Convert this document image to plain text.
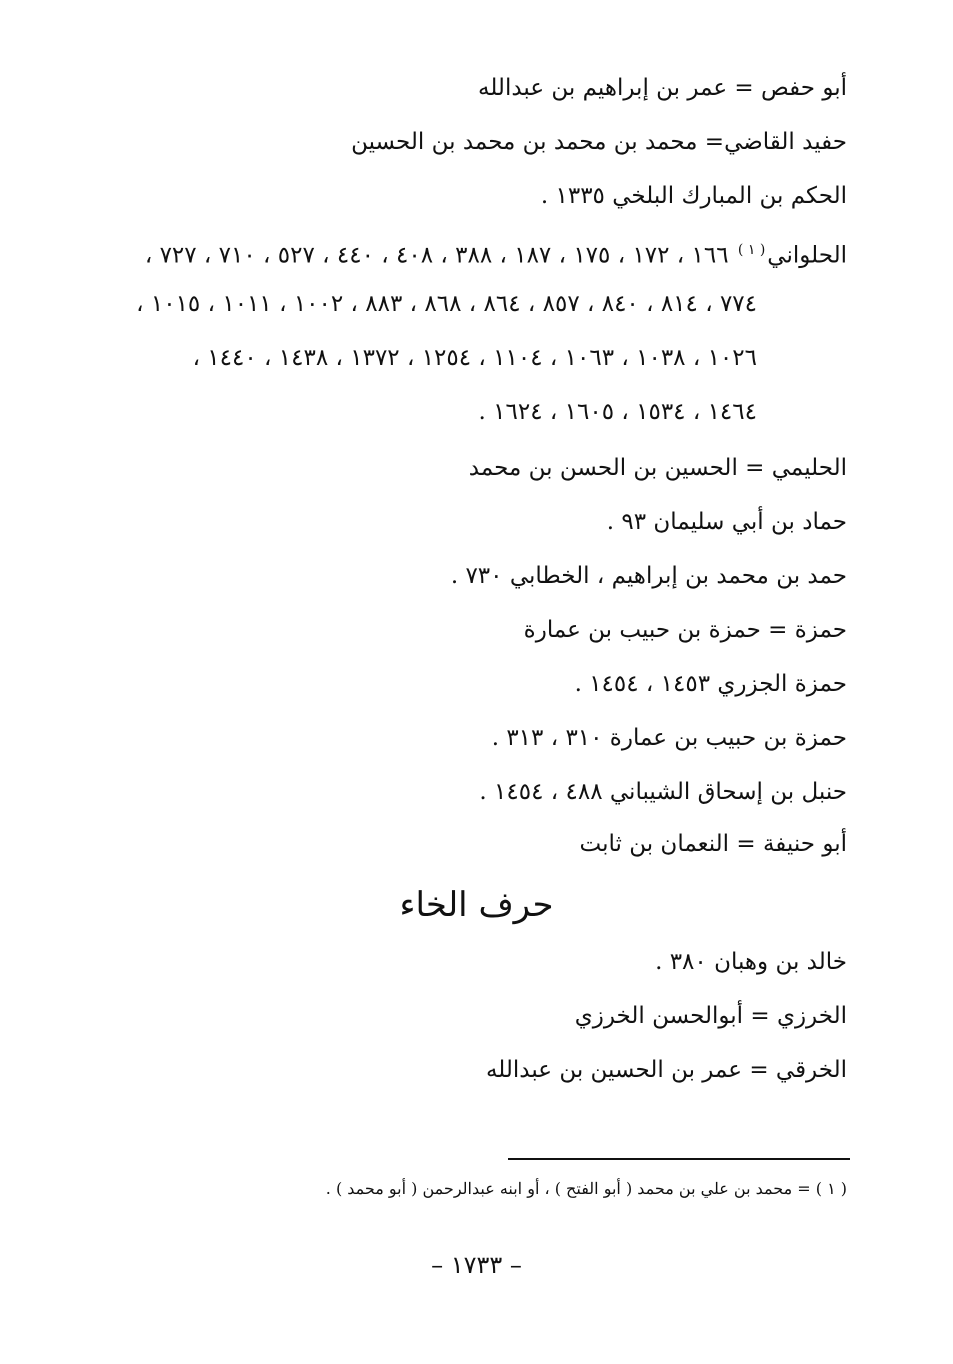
أبو حفص = عمر بن إبراهيم بن عبدالله
حفيد القاضي= محمد بن محمد بن محمد بن الحسين
الحكم بن المبارك البلخي ١٣٣٥ .
الحلواني$^{( ١ )}$ ١٦٦ ، ١٧٢ ، ١٧٥ ، ١٨٧ ، ٣٨٨ ، ٤٠٨ ، ٤٤٠ ، ٥٢٧ ، ٧١٠ ، ٧٢٧ ،
٧٧٤ ، ٨١٤ ، ٨٤٠ ، ٨٥٧ ، ٨٦٤ ، ٨٦٨ ، ٨٨٣ ، ١٠٠٢ ، ١٠١١ ، ١٠١٥ ،
١٠٢٦ ، ١٠٣٨ ، ١٠٦٣ ، ١١٠٤ ، ١٢٥٤ ، ١٣٧٢ ، ١٤٣٨ ، ١٤٤٠ ،
١٤٦٤ ، ١٥٣٤ ، ١٦٠٥ ، ١٦٢٤ .
الحليمي = الحسين بن الحسن بن محمد
حماد بن أبي سليمان ٩٣ .
حمد بن محمد بن إبراهيم ، الخطابي ٧٣٠ .
حمزة = حمزة بن حبيب بن عمارة
حمزة الجزري ١٤٥٣ ، ١٤٥٤ .
حمزة بن حبيب بن عمارة ٣١٠ ، ٣١٣ .
حنبل بن إسحاق الشيباني ٤٨٨ ، ١٤٥٤ .
أبو حنيفة = النعمان بن ثابت
حرف الخاء
خالد بن وهبان ٣٨٠ .
الخرزي = أبوالحسن الخرزي
الخرقي = عمر بن الحسين بن عبدالله
( ١ ) = محمد بن علي بن محمد ( أبو الفتح ) ، أو ابنه عبدالرحمن ( أبو محمد ) .
– ١٧٣٣ –
